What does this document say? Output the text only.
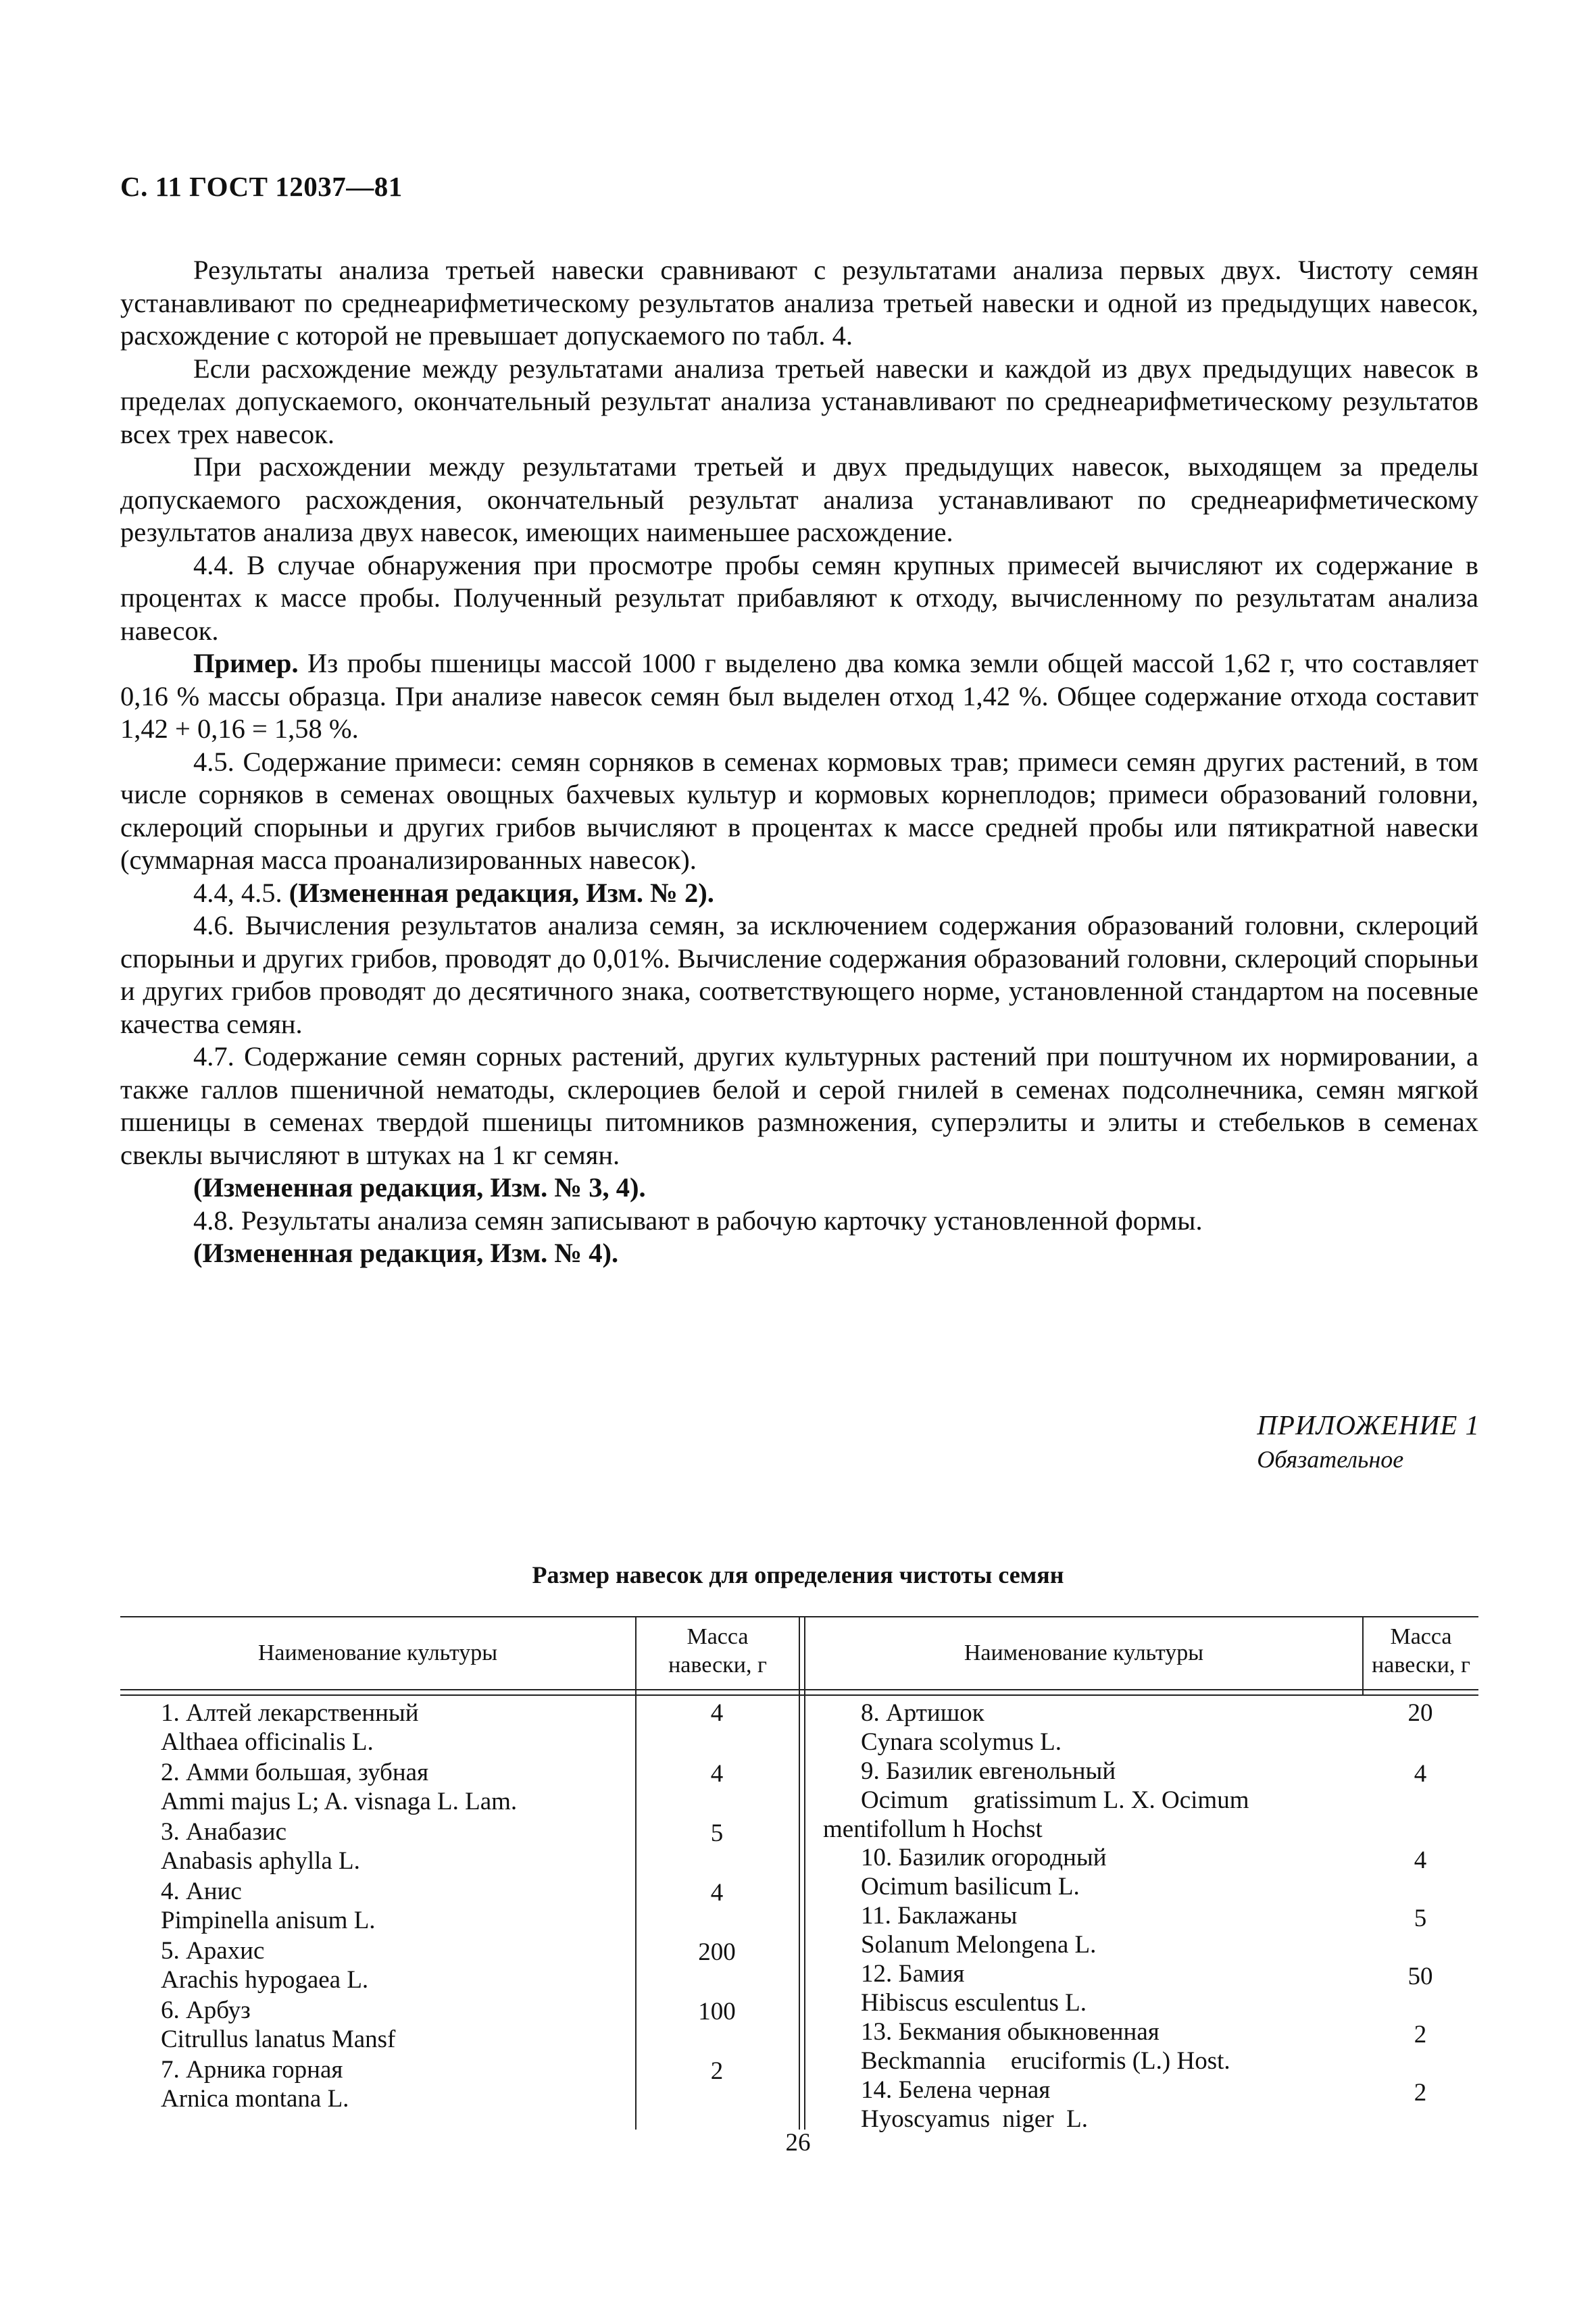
С. 11 ГОСТ 12037—81

Результаты анализа третьей навески сравнивают с результатами анализа первых двух. Чистоту семян устанавливают по среднеарифметическому результатов анализа третьей навески и одной из предыдущих навесок, расхождение с которой не превышает допускаемого по табл. 4.

Если расхождение между результатами анализа третьей навески и каждой из двух предыдущих навесок в пределах допускаемого, окончательный результат анализа устанавливают по среднеарифметическому результатов всех трех навесок.

При расхождении между результатами третьей и двух предыдущих навесок, выходящем за пределы допускаемого расхождения, окончательный результат анализа устанавливают по среднеарифметическому результатов анализа двух навесок, имеющих наименьшее расхождение.

4.4. В случае обнаружения при просмотре пробы семян крупных примесей вычисляют их содержание в процентах к массе пробы. Полученный результат прибавляют к отходу, вычисленному по результатам анализа навесок.

Пример. Из пробы пшеницы массой 1000 г выделено два комка земли общей массой 1,62 г, что составляет 0,16 % массы образца. При анализе навесок семян был выделен отход 1,42 %. Общее содержание отхода составит 1,42 + 0,16 = 1,58 %.

4.5. Содержание примеси: семян сорняков в семенах кормовых трав; примеси семян других растений, в том числе сорняков в семенах овощных бахчевых культур и кормовых корнеплодов; примеси образований головни, склероций спорыньи и других грибов вычисляют в процентах к массе средней пробы или пятикратной навески (суммарная масса проанализированных навесок).

4.4, 4.5. (Измененная редакция, Изм. № 2).

4.6. Вычисления результатов анализа семян, за исключением содержания образований головни, склероций спорыньи и других грибов, проводят до 0,01%. Вычисление содержания образований головни, склероций спорыньи и других грибов проводят до десятичного знака, соответствующего норме, установленной стандартом на посевные качества семян.

4.7. Содержание семян сорных растений, других культурных растений при поштучном их нормировании, а также галлов пшеничной нематоды, склероциев белой и серой гнилей в семенах подсолнечника, семян мягкой пшеницы в семенах твердой пшеницы питомников размножения, суперэлиты и элиты и стебельков в семенах свеклы вычисляют в штуках на 1 кг семян.

(Измененная редакция, Изм. № 3, 4).

4.8. Результаты анализа семян записывают в рабочую карточку установленной формы.

(Измененная редакция, Изм. № 4).

ПРИЛОЖЕНИЕ 1
Обязательное
Размер навесок для определения чистоты семян
Наименование культуры
Масса
навески, г	Наименование культуры
Масса
навески, г
1. Алтей лекарственный
Althaea officinalis L.
4
2. Амми большая, зубная
Ammi majus L; A. visnaga L. Lam.
4
3. Анабазис
Anabasis aphylla L.
5
4. Анис
Pimpinella anisum L.
4
5. Арахис
Arachis hypogaea L.
200
6. Арбуз
Citrullus lanatus Mansf
100
7. Арника горная
Arnica montana L.
2
8. Артишок
Cynara scolymus L.
20
9. Базилик евгенольный
Ocimum    gratissimum L. X. Ocimum
mentifollum h Hochst
4
10. Базилик огородный
Ocimum basilicum L.
4
11. Баклажаны
Solanum Melongena L.
5
12. Бамия
Hibiscus esculentus L.
50
13. Бекмания обыкновенная
Beckmannia    eruciformis (L.) Host.
2
14. Белена черная
Hyoscyamus  niger  L.
2
26
